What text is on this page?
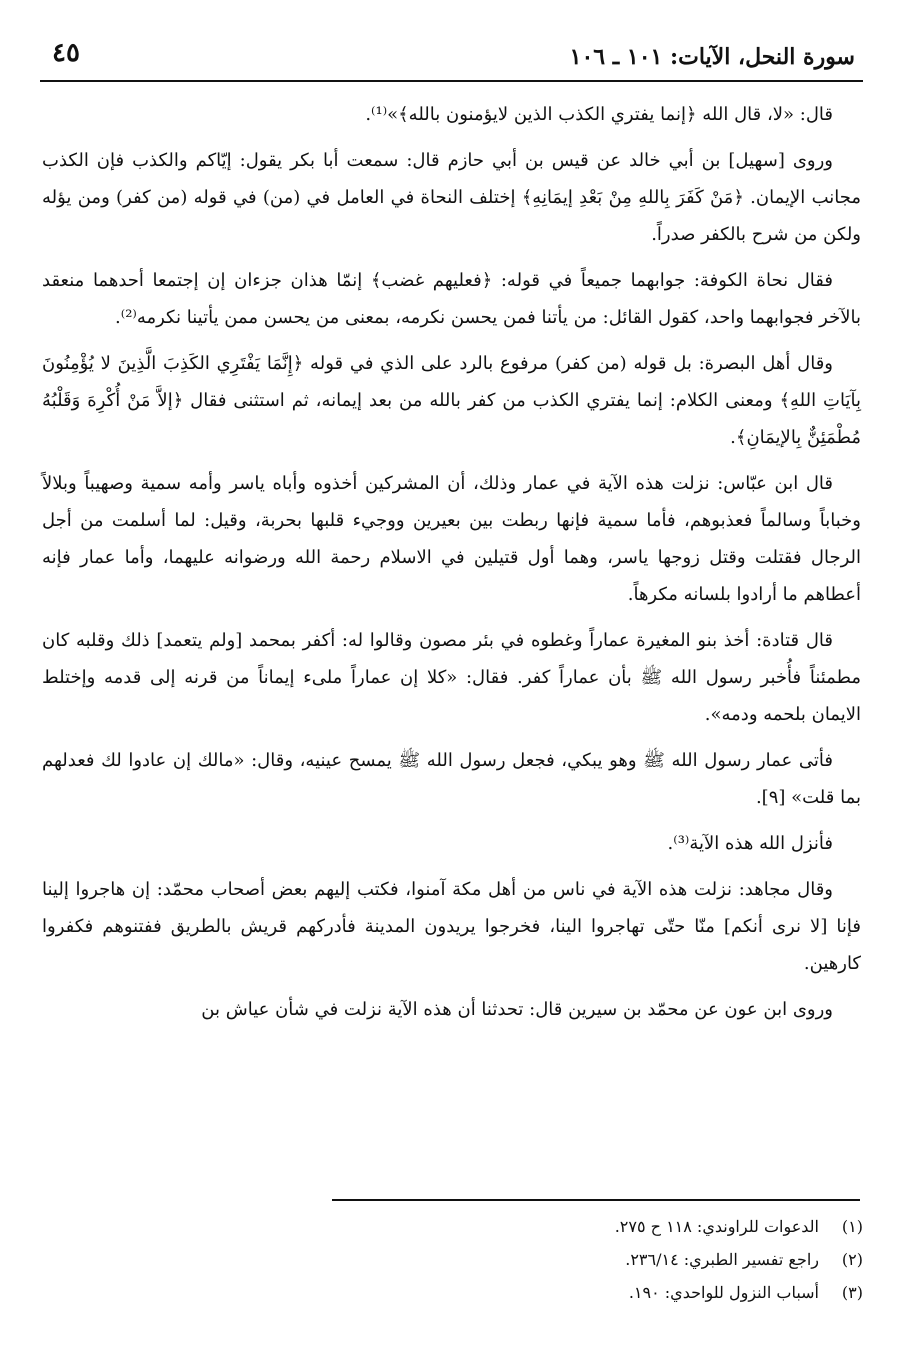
سورة النحل، الآيات: ١٠١ ـ ١٠٦
٤٥

قال: «لا، قال الله ﴿إنما يفتري الكذب الذين لايؤمنون بالله﴾»⁽¹⁾.

وروى [سهيل] بن أبي خالد عن قيس بن أبي حازم قال: سمعت أبا بكر يقول: إيّاكم والكذب فإن الكذب مجانب الإيمان. ﴿مَنْ كَفَرَ بِاللهِ مِنْ بَعْدِ إيمَانِهِ﴾ إختلف النحاة في العامل في (من) في قوله (من كفر) ومن يؤله ولكن من شرح بالكفر صدراً.

فقال نحاة الكوفة: جوابهما جميعاً في قوله: ﴿فعليهم غضب﴾ إنمّا هذان جزءان إن إجتمعا أحدهما منعقد بالآخر فجوابهما واحد، كقول القائل: من يأتنا فمن يحسن نكرمه، بمعنى من يحسن ممن يأتينا نكرمه⁽²⁾.

وقال أهل البصرة: بل قوله (من كفر) مرفوع بالرد على الذي في قوله ﴿إِنَّمَا يَفْتَرِي الكَذِبَ الَّذِينَ لا يُؤْمِنُونَ بِآيَاتِ اللهِ﴾ ومعنى الكلام: إنما يفتري الكذب من كفر بالله من بعد إيمانه، ثم استثنى فقال ﴿إلاَّ مَنْ أُكْرِهَ وَقَلْبُهُ مُطْمَئِنٌّ بِالإيمَانِ﴾.

قال ابن عبّاس: نزلت هذه الآية في عمار وذلك، أن المشركين أخذوه وأباه ياسر وأمه سمية وصهيباً وبلالاً وخباباً وسالماً فعذبوهم، فأما سمية فإنها ربطت بين بعيرين ووجيء قلبها بحربة، وقيل: لما أسلمت من أجل الرجال فقتلت وقتل زوجها ياسر، وهما أول قتيلين في الاسلام رحمة الله ورضوانه عليهما، وأما عمار فإنه أعطاهم ما أرادوا بلسانه مكرهاً.

قال قتادة: أخذ بنو المغيرة عماراً وغطوه في بئر مصون وقالوا له: أكفر بمحمد [ولم يتعمد] ذلك وقلبه كان مطمئناً فأُخبر رسول الله ﷺ بأن عماراً كفر. فقال: «كلا إن عماراً ملىء إيماناً من قرنه إلى قدمه وإختلط الايمان بلحمه ودمه».

فأتى عمار رسول الله ﷺ وهو يبكي، فجعل رسول الله ﷺ يمسح عينيه، وقال: «مالك إن عادوا لك فعدلهم بما قلت» [٩].

فأنزل الله هذه الآية⁽³⁾.

وقال مجاهد: نزلت هذه الآية في ناس من أهل مكة آمنوا، فكتب إليهم بعض أصحاب محمّد: إن هاجروا إلينا فإنا [لا نرى أنكم] منّا حتّى تهاجروا الينا، فخرجوا يريدون المدينة فأدركهم قريش بالطريق ففتنوهم فكفروا كارهين.

وروى ابن عون عن محمّد بن سيرين قال: تحدثنا أن هذه الآية نزلت في شأن عياش بن

(١)
الدعوات للراوندي: ١١٨ ح ٢٧٥.
(٢)
راجع تفسير الطبري: ٢٣٦/١٤.
(٣)
أسباب النزول للواحدي: ١٩٠.
